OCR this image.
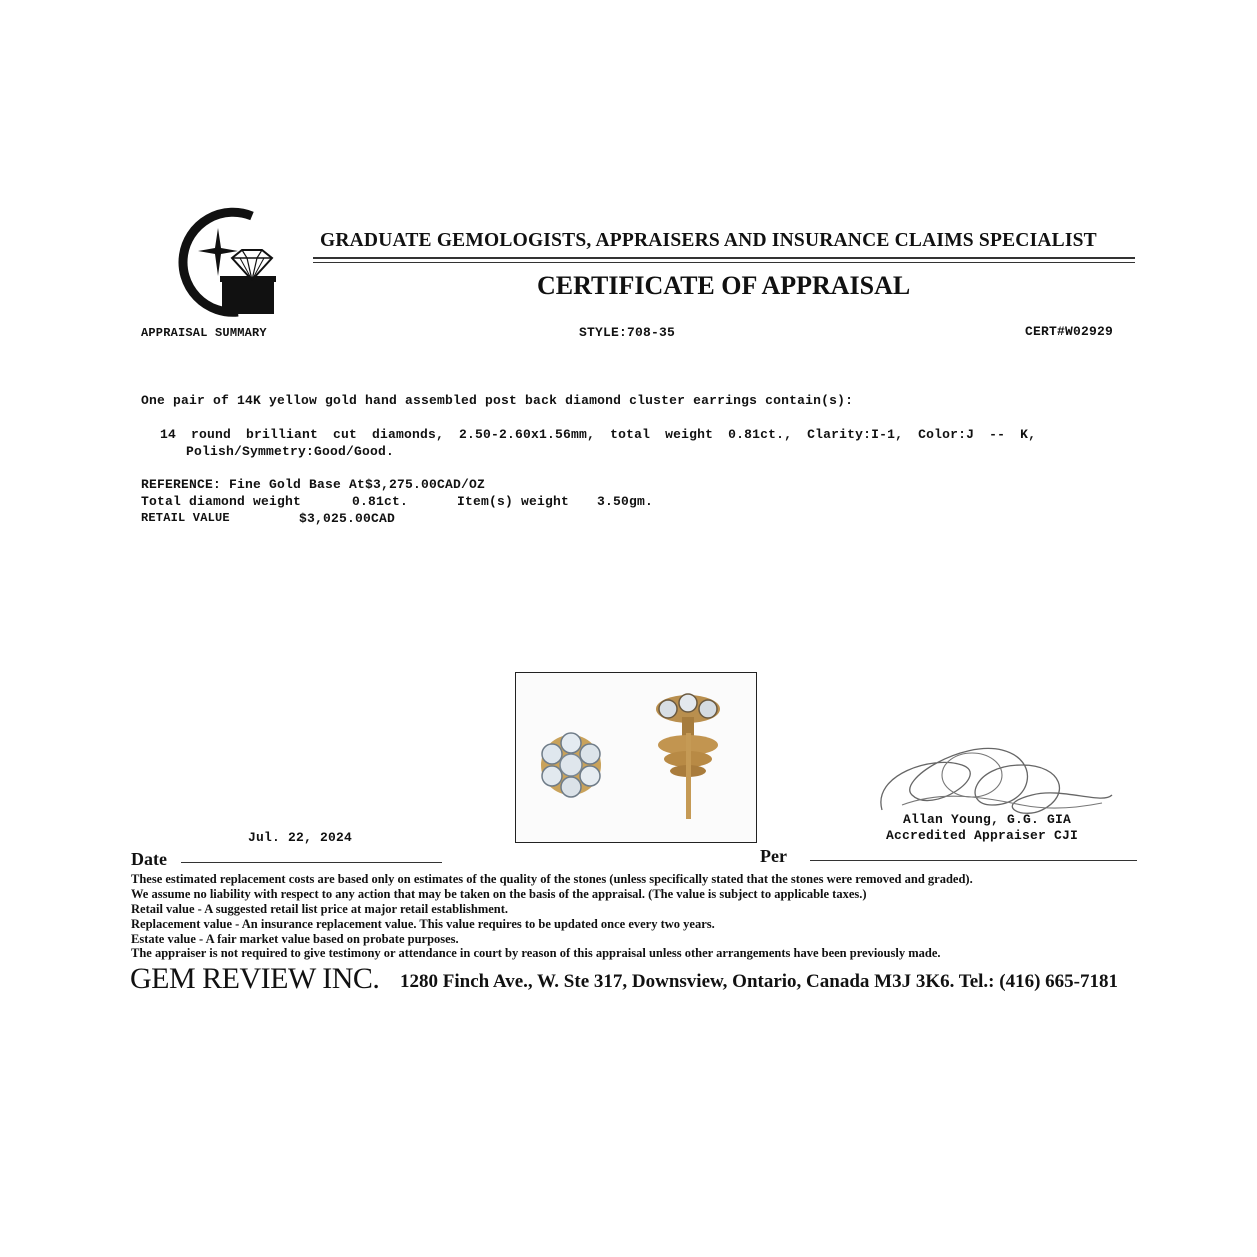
GRADUATE GEMOLOGISTS, APPRAISERS AND INSURANCE CLAIMS SPECIALIST
CERTIFICATE OF APPRAISAL
APPRAISAL SUMMARY	STYLE:708-35	CERT#W02929
One pair of 14K yellow gold hand assembled post back diamond cluster earrings contain(s):
14 round brilliant cut diamonds, 2.50-2.60x1.56mm, total weight 0.81ct., Clarity:I-1, Color:J -- K,
Polish/Symmetry:Good/Good.
REFERENCE: Fine Gold Base At$3,275.00CAD/OZ
Total diamond weight	0.81ct.	Item(s) weight 3.50gm.
RETAIL VALUE	$3,025.00CAD
Allan Young, G.G. GIA
Accredited Appraiser CJI
Jul. 22, 2024
Date	Per
These estimated replacement costs are based only on estimates of the quality of the stones (unless specifically stated that the stones were removed and graded).
We assume no liability with respect to any action that may be taken on the basis of the appraisal. (The value is subject to applicable taxes.)
Retail value - A suggested retail list price at major retail establishment.
Replacement value - An insurance replacement value. This value requires to be updated once every two years.
Estate value - A fair market value based on probate purposes.
The appraiser is not required to give testimony or attendance in court by reason of this appraisal unless other arrangements have been previously made.
GEM REVIEW INC. 1280 Finch Ave., W. Ste 317, Downsview, Ontario, Canada M3J 3K6. Tel.: (416) 665-7181
